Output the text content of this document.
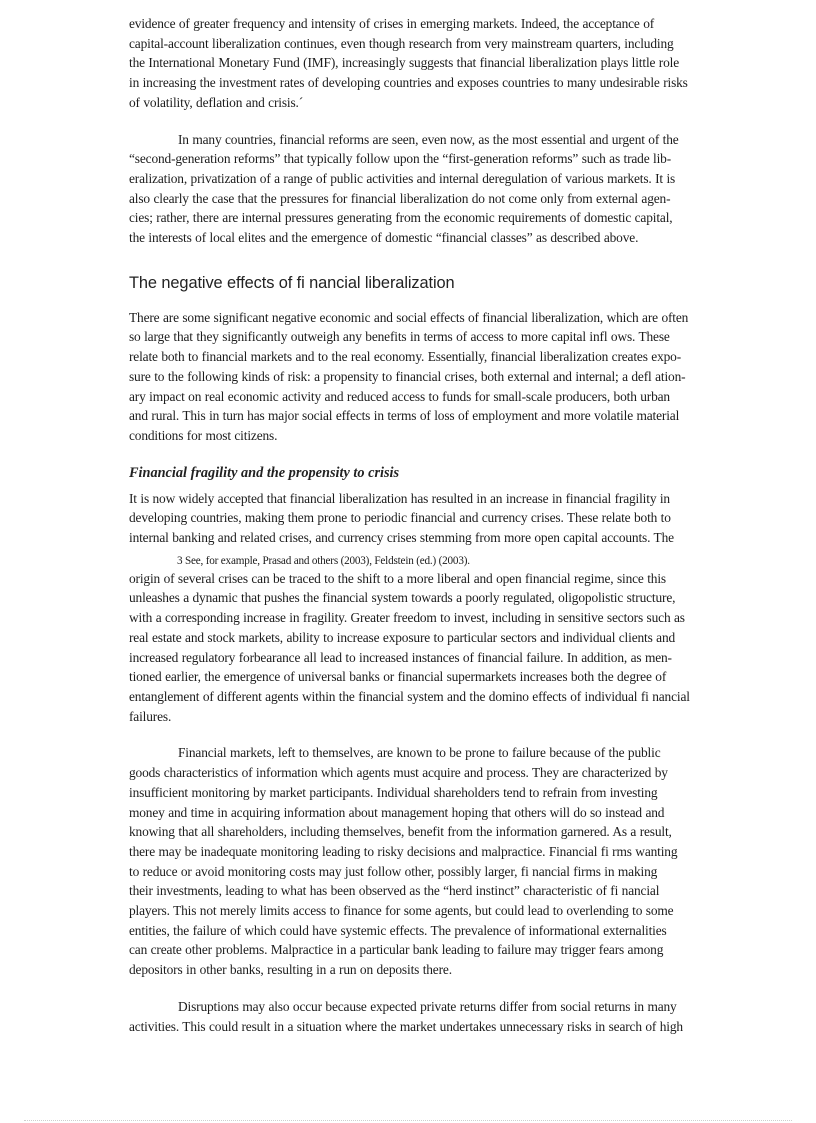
evidence of greater frequency and intensity of crises in emerging markets. Indeed, the acceptance of
capital-account liberalization continues, even though research from very mainstream quarters, including
the International Monetary Fund (IMF), increasingly suggests that financial liberalization plays little role
in increasing the investment rates of developing countries and exposes countries to many undesirable risks
of volatility, deflation and crisis.´

In many countries, financial reforms are seen, even now, as the most essential and urgent of the
“second-generation reforms” that typically follow upon the “first-generation reforms” such as trade lib-
eralization, privatization of a range of public activities and internal deregulation of various markets. It is
also clearly the case that the pressures for financial liberalization do not come only from external agen-
cies; rather, there are internal pressures generating from the economic requirements of domestic capital,
the interests of local elites and the emergence of domestic “financial classes” as described above.

The negative effects of fi nancial liberalization

There are some significant negative economic and social effects of financial liberalization, which are often
so large that they significantly outweigh any benefits in terms of access to more capital infl ows. These
relate both to financial markets and to the real economy. Essentially, financial liberalization creates expo-
sure to the following kinds of risk: a propensity to financial crises, both external and internal; a defl ation-
ary impact on real economic activity and reduced access to funds for small-scale producers, both urban
and rural. This in turn has major social effects in terms of loss of employment and more volatile material
conditions for most citizens.

Financial fragility and the propensity to crisis

It is now widely accepted that financial liberalization has resulted in an increase in financial fragility in
developing countries, making them prone to periodic financial and currency crises. These relate both to
internal banking and related crises, and currency crises stemming from more open capital accounts. The

3 See, for example, Prasad and others (2003), Feldstein (ed.) (2003).

origin of several crises can be traced to the shift to a more liberal and open financial regime, since this
unleashes a dynamic that pushes the financial system towards a poorly regulated, oligopolistic structure,
with a corresponding increase in fragility. Greater freedom to invest, including in sensitive sectors such as
real estate and stock markets, ability to increase exposure to particular sectors and individual clients and
increased regulatory forbearance all lead to increased instances of financial failure. In addition, as men-
tioned earlier, the emergence of universal banks or financial supermarkets increases both the degree of
entanglement of different agents within the financial system and the domino effects of individual fi nancial
failures.

Financial markets, left to themselves, are known to be prone to failure because of the public
goods characteristics of information which agents must acquire and process. They are characterized by
insufficient monitoring by market participants. Individual shareholders tend to refrain from investing
money and time in acquiring information about management hoping that others will do so instead and
knowing that all shareholders, including themselves, benefit from the information garnered. As a result,
there may be inadequate monitoring leading to risky decisions and malpractice. Financial fi rms wanting
to reduce or avoid monitoring costs may just follow other, possibly larger, fi nancial firms in making
their investments, leading to what has been observed as the “herd instinct” characteristic of fi nancial
players. This not merely limits access to finance for some agents, but could lead to overlending to some
entities, the failure of which could have systemic effects. The prevalence of informational externalities
can create other problems. Malpractice in a particular bank leading to failure may trigger fears among
depositors in other banks, resulting in a run on deposits there.

Disruptions may also occur because expected private returns differ from social returns in many
activities. This could result in a situation where the market undertakes unnecessary risks in search of high
